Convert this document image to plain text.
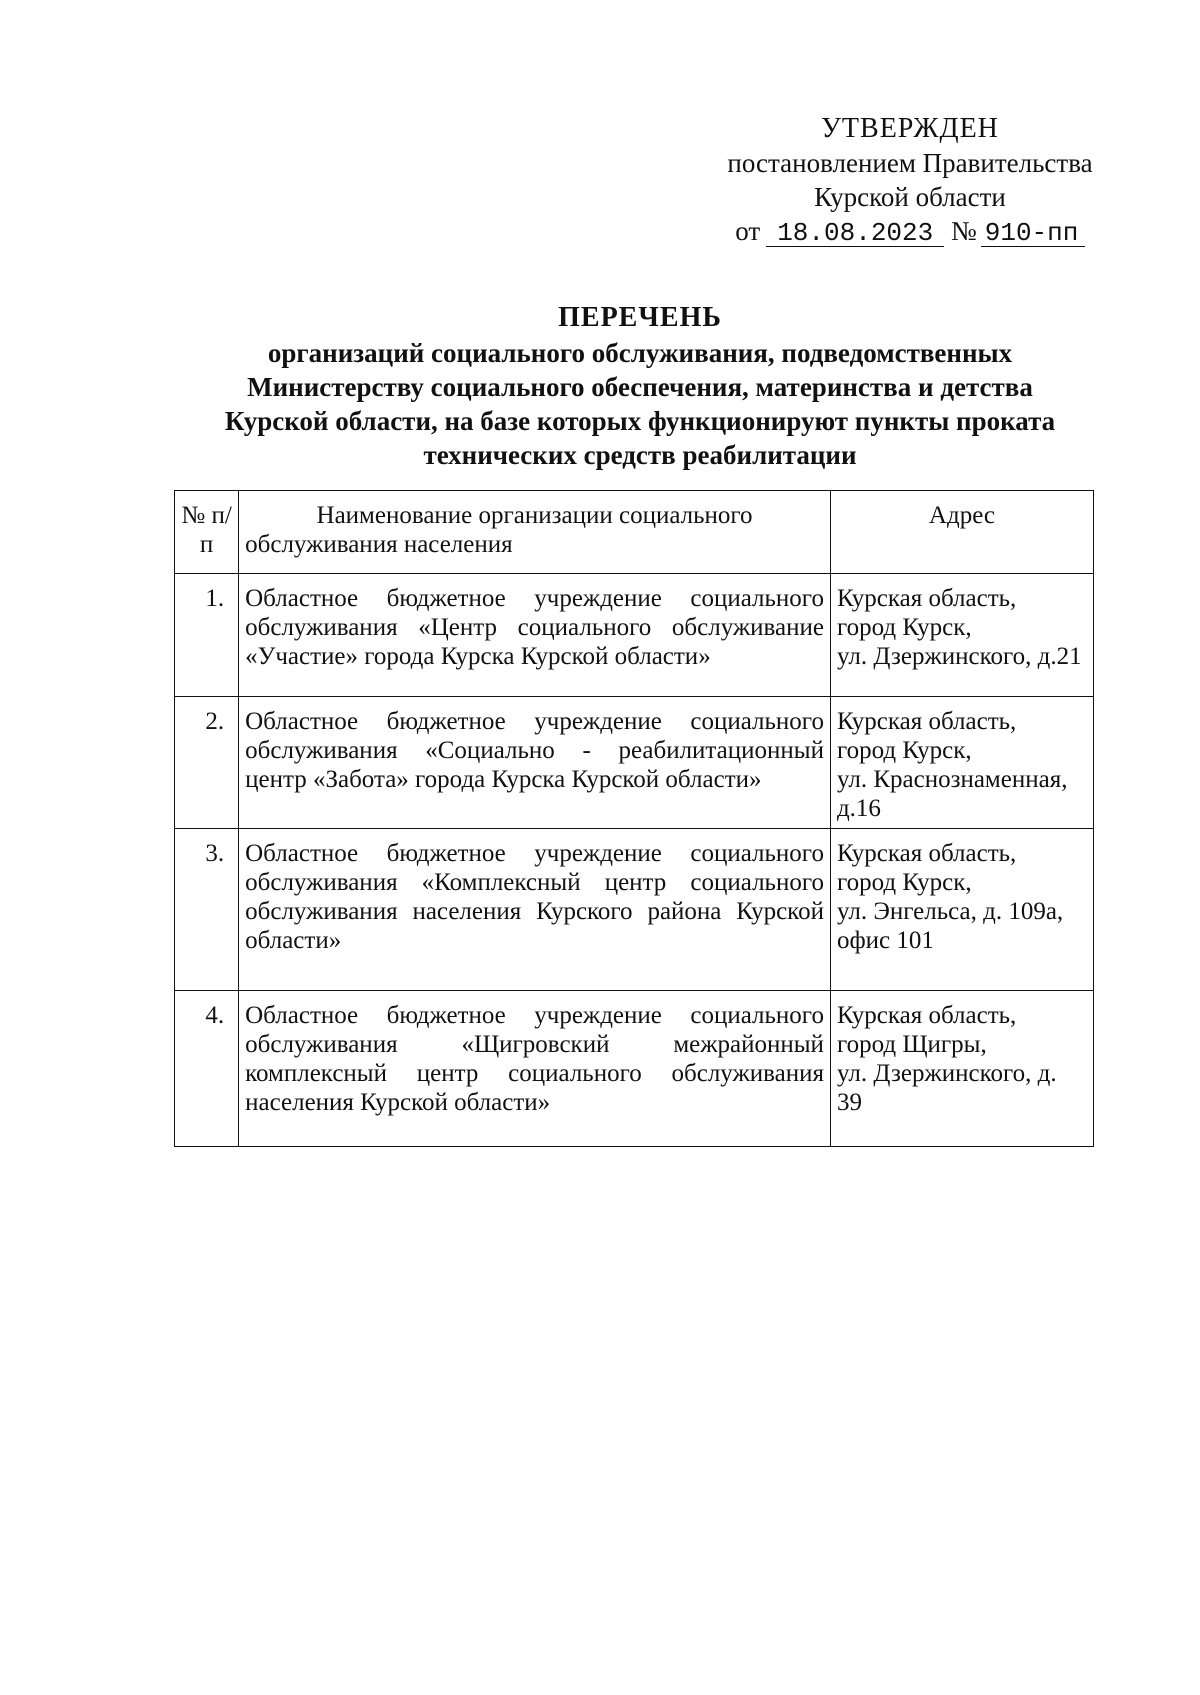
УТВЕРЖДЕН
постановлением Правительства
Курской области
от 18.08.2023 № 910-пп
ПЕРЕЧЕНЬ
организаций социального обслуживания, подведомственных
Министерству социального обеспечения, материнства и детства
Курской области, на базе которых функционируют пункты проката
технических средств реабилитации
№ п/п	Наименование организации социального обслуживания населения	Адрес
1.	Областное бюджетное учреждение социального обслуживания «Центр социального обслуживание «Участие» города Курска Курской области»	Курская область,
город Курск,
ул. Дзержинского, д.21

2.	Областное бюджетное учреждение социального обслуживания «Социально - реабилитационный центр «Забота» города Курска Курской области»	Курская область,
город Курск,
ул. Краснознаменная, д.16

3.	Областное бюджетное учреждение социального обслуживания «Комплексный центр социального обслуживания населения Курского района Курской области»	Курская область,
город Курск,
ул. Энгельса, д. 109а,
офис 101

4.	Областное бюджетное учреждение социального обслуживания «Щигровский межрайонный комплексный центр социального обслуживания населения Курской области»	Курская область,
город Щигры,
ул. Дзержинского, д. 39
